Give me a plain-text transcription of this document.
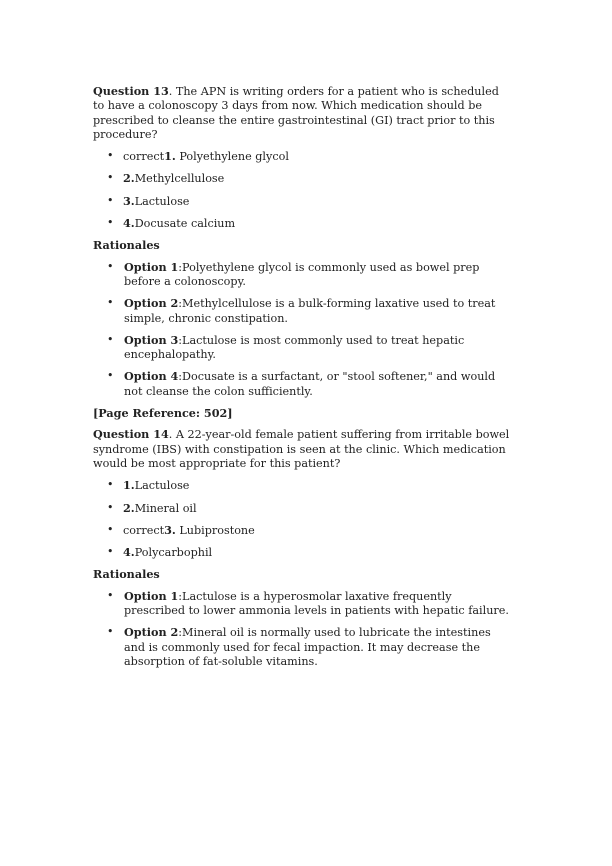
Question 13. The APN is writing orders for a patient who is scheduled to have a colonoscopy 3 days from now. Which medication should be prescribed to cleanse the entire gastrointestinal (GI) tract prior to this procedure?

• correct1. Polyethylene glycol
• 2.Methylcellulose
• 3.Lactulose
• 4.Docusate calcium

Rationales

• Option 1:Polyethylene glycol is commonly used as bowel prep before a colonoscopy.
• Option 2:Methylcellulose is a bulk-forming laxative used to treat simple, chronic constipation.
• Option 3:Lactulose is most commonly used to treat hepatic encephalopathy.
• Option 4:Docusate is a surfactant, or "stool softener," and would not cleanse the colon sufficiently.

[Page Reference: 502]

Question 14. A 22-year-old female patient suffering from irritable bowel syndrome (IBS) with constipation is seen at the clinic. Which medication would be most appropriate for this patient?

• 1.Lactulose
• 2.Mineral oil
• correct3. Lubiprostone
• 4.Polycarbophil

Rationales

• Option 1:Lactulose is a hyperosmolar laxative frequently prescribed to lower ammonia levels in patients with hepatic failure.
• Option 2:Mineral oil is normally used to lubricate the intestines and is commonly used for fecal impaction. It may decrease the absorption of fat-soluble vitamins.
